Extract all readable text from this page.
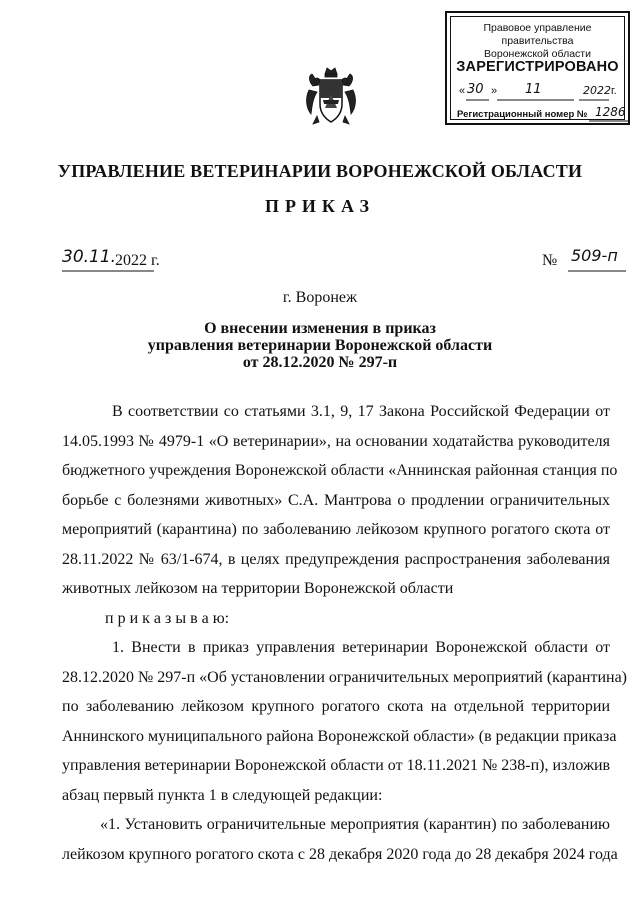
Правовое управление правительства
Воронежской области
ЗАРЕГИСТРИРОВАНО
« 30 » 11	2022 г.
Регистрационный номер № 1286
УПРАВЛЕНИЕ ВЕТЕРИНАРИИ ВОРОНЕЖСКОЙ ОБЛАСТИ
ПРИКАЗ
30.11.
2022 г.	№ 509-п
г. Воронеж
О внесении изменения в приказ
управления ветеринарии Воронежской области
от 28.12.2020 № 297-п
В соответствии со статьями 3.1, 9, 17 Закона Российской Федерации от
14.05.1993 № 4979-1 «О ветеринарии», на основании ходатайства руководителя
бюджетного учреждения Воронежской области «Аннинская районная станция по
борьбе с болезнями животных» С.А. Мантрова о продлении ограничительных
мероприятий (карантина) по заболеванию лейкозом крупного рогатого скота от
28.11.2022 № 63/1-674, в целях предупреждения распространения заболевания
животных лейкозом на территории Воронежской области
п р и к а з ы в а ю:
1. Внести в приказ управления ветеринарии Воронежской области от
28.12.2020 № 297-п «Об установлении ограничительных мероприятий (карантина)
по заболеванию лейкозом крупного рогатого скота на отдельной территории
Аннинского муниципального района Воронежской области» (в редакции приказа
управления ветеринарии Воронежской области от 18.11.2021 № 238-п), изложив
абзац первый пункта 1 в следующей редакции:
«1. Установить ограничительные мероприятия (карантин) по заболеванию
лейкозом крупного рогатого скота с 28 декабря 2020 года до 28 декабря 2024 года
